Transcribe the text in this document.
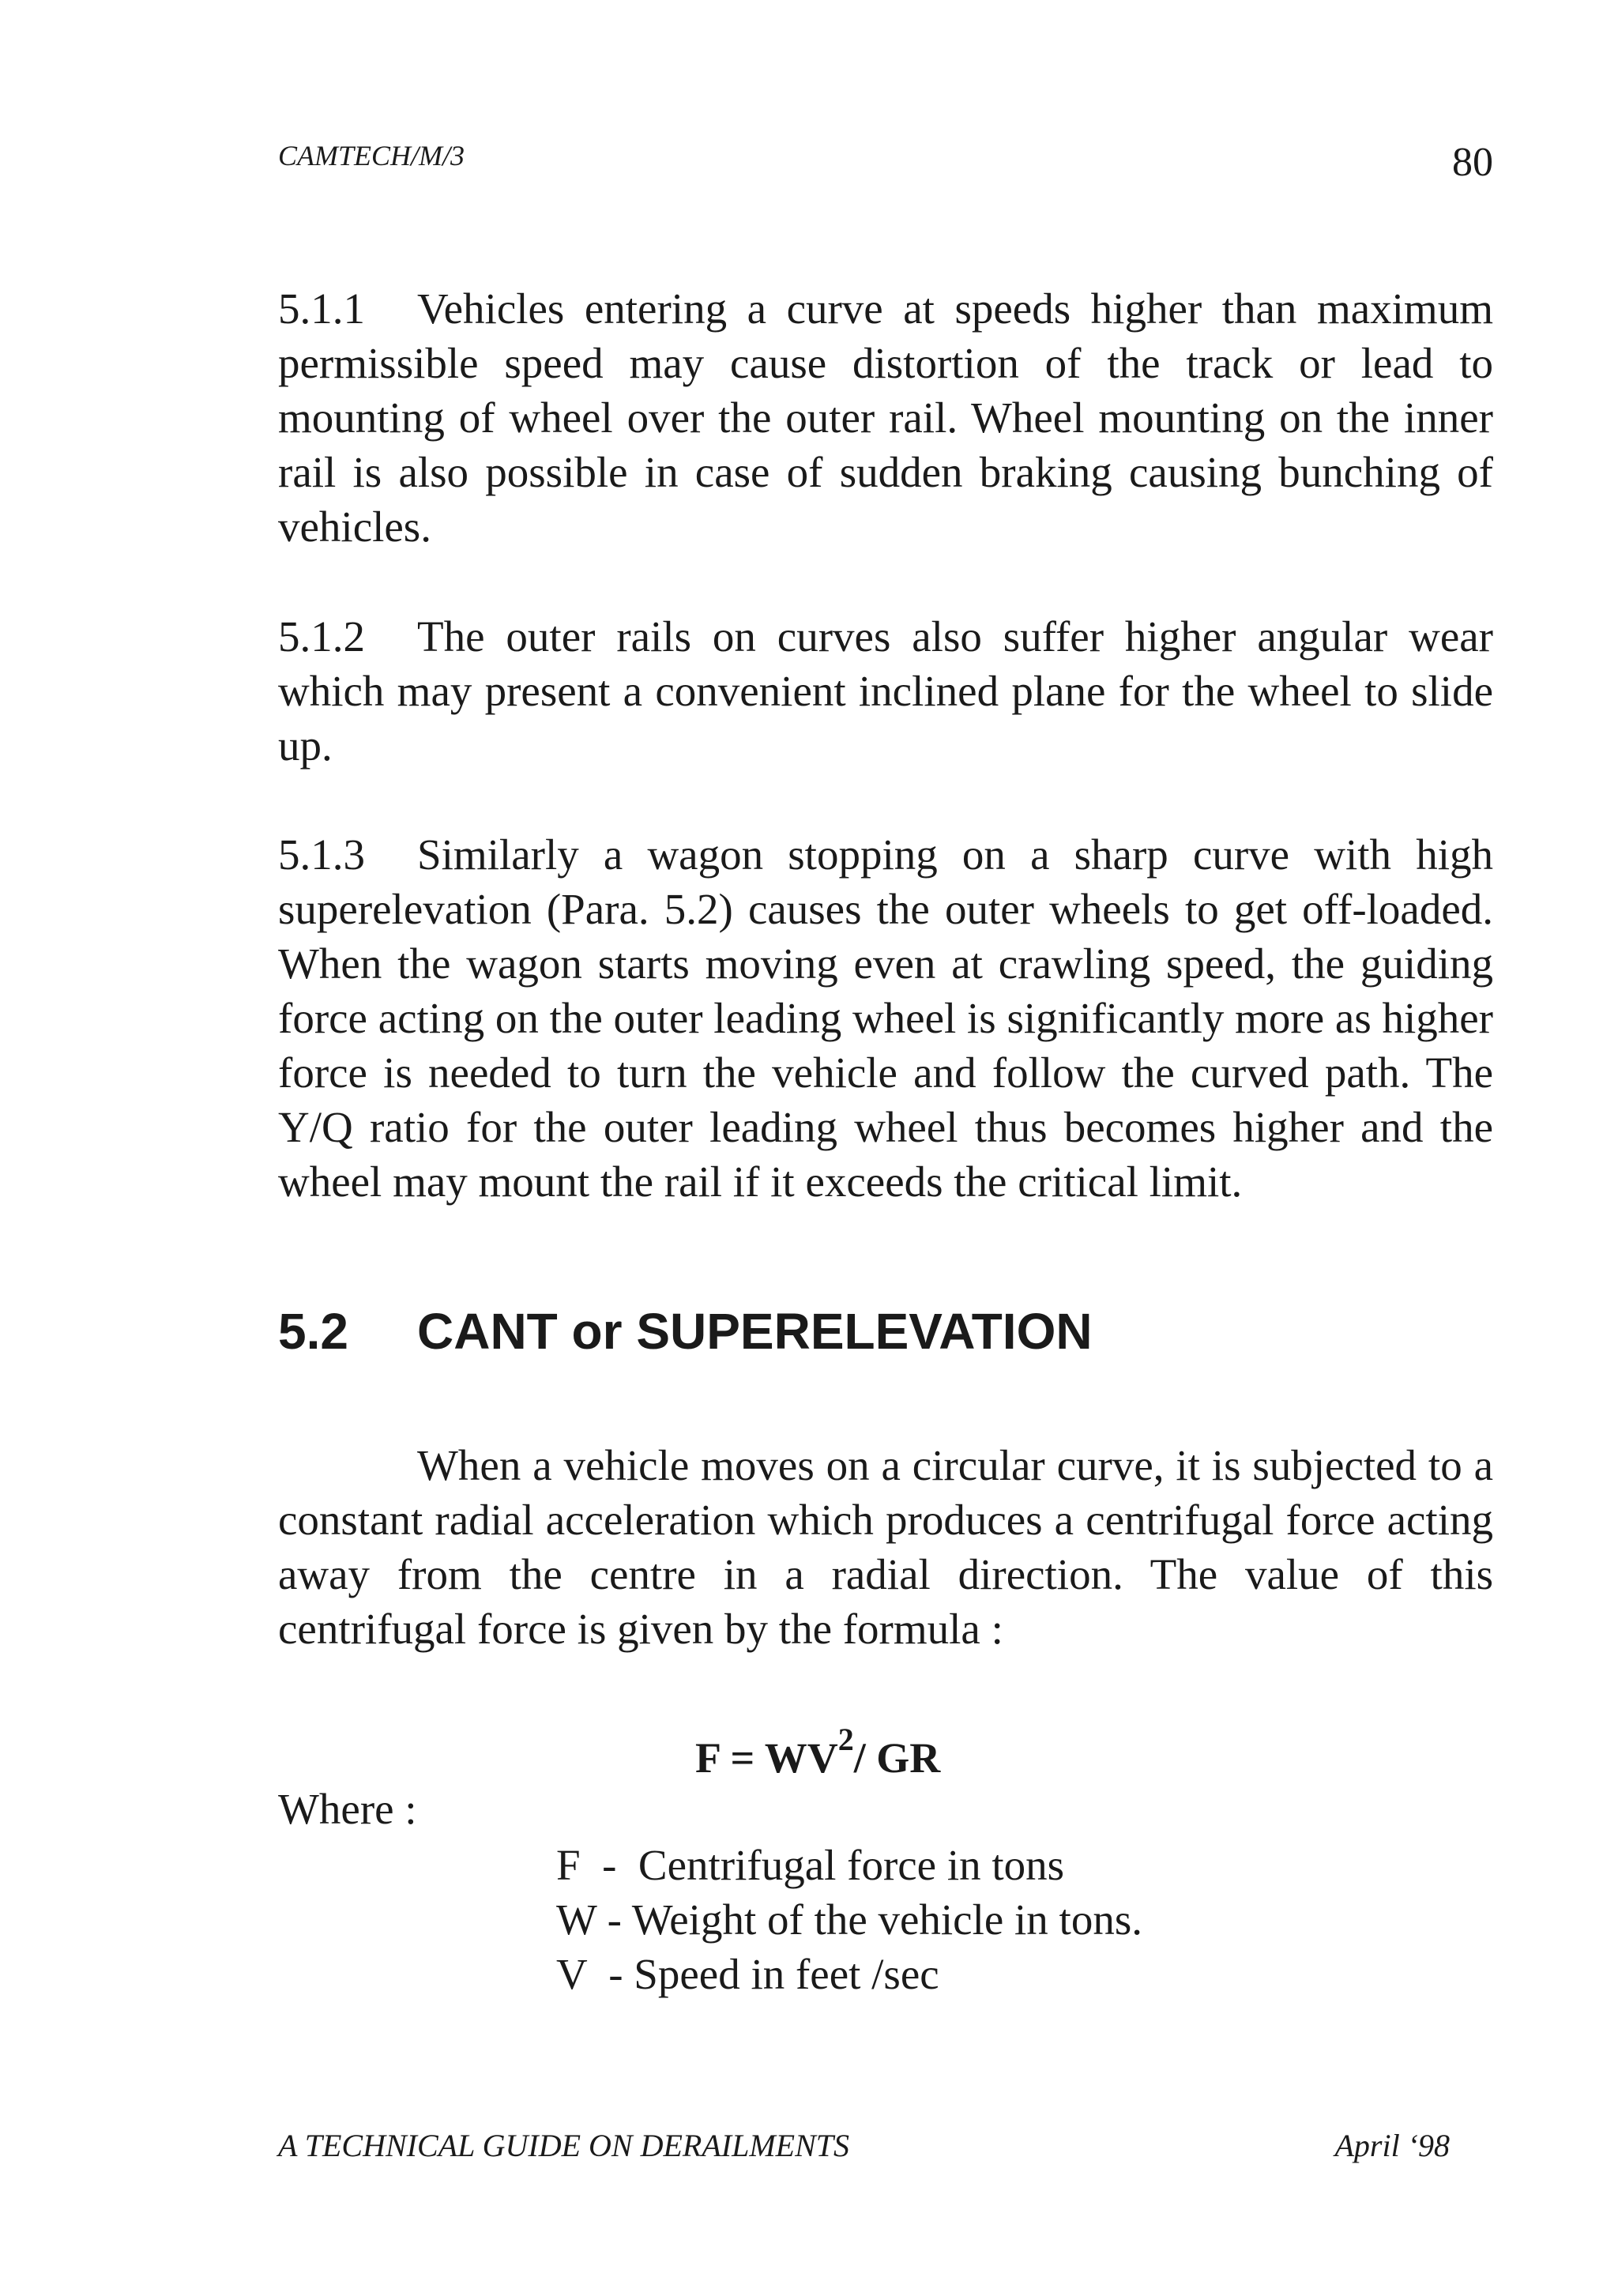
CAMTECH/M/3	80

5.1.1 Vehicles entering a curve at speeds higher than maximum permissible speed may cause distortion of the track or lead to mounting of wheel over the outer rail. Wheel mounting on the inner rail is also possible in case of sudden braking causing bunching of vehicles.

5.1.2 The outer rails on curves also suffer higher angular wear which may present a convenient inclined plane for the wheel to slide up.

5.1.3 Similarly a wagon stopping on a sharp curve with high superelevation (Para. 5.2) causes the outer wheels to get off-loaded. When the wagon starts moving even at crawling speed, the guiding force acting on the outer leading wheel is significantly more as higher force is needed to turn the vehicle and follow the curved path. The Y/Q ratio for the outer leading wheel thus becomes higher and the wheel may mount the rail if it exceeds the critical limit.

5.2 CANT or SUPERELEVATION

When a vehicle moves on a circular curve, it is subjected to a constant radial acceleration which produces a centrifugal force acting away from the centre in a radial direction. The value of this centrifugal force is given by the formula :

$F = WV^2/$ GR
Where :
F  -  Centrifugal force in tons
W - Weight of the vehicle in tons.
V  - Speed in feet /sec
A TECHNICAL GUIDE ON DERAILMENTS	April ‘98
